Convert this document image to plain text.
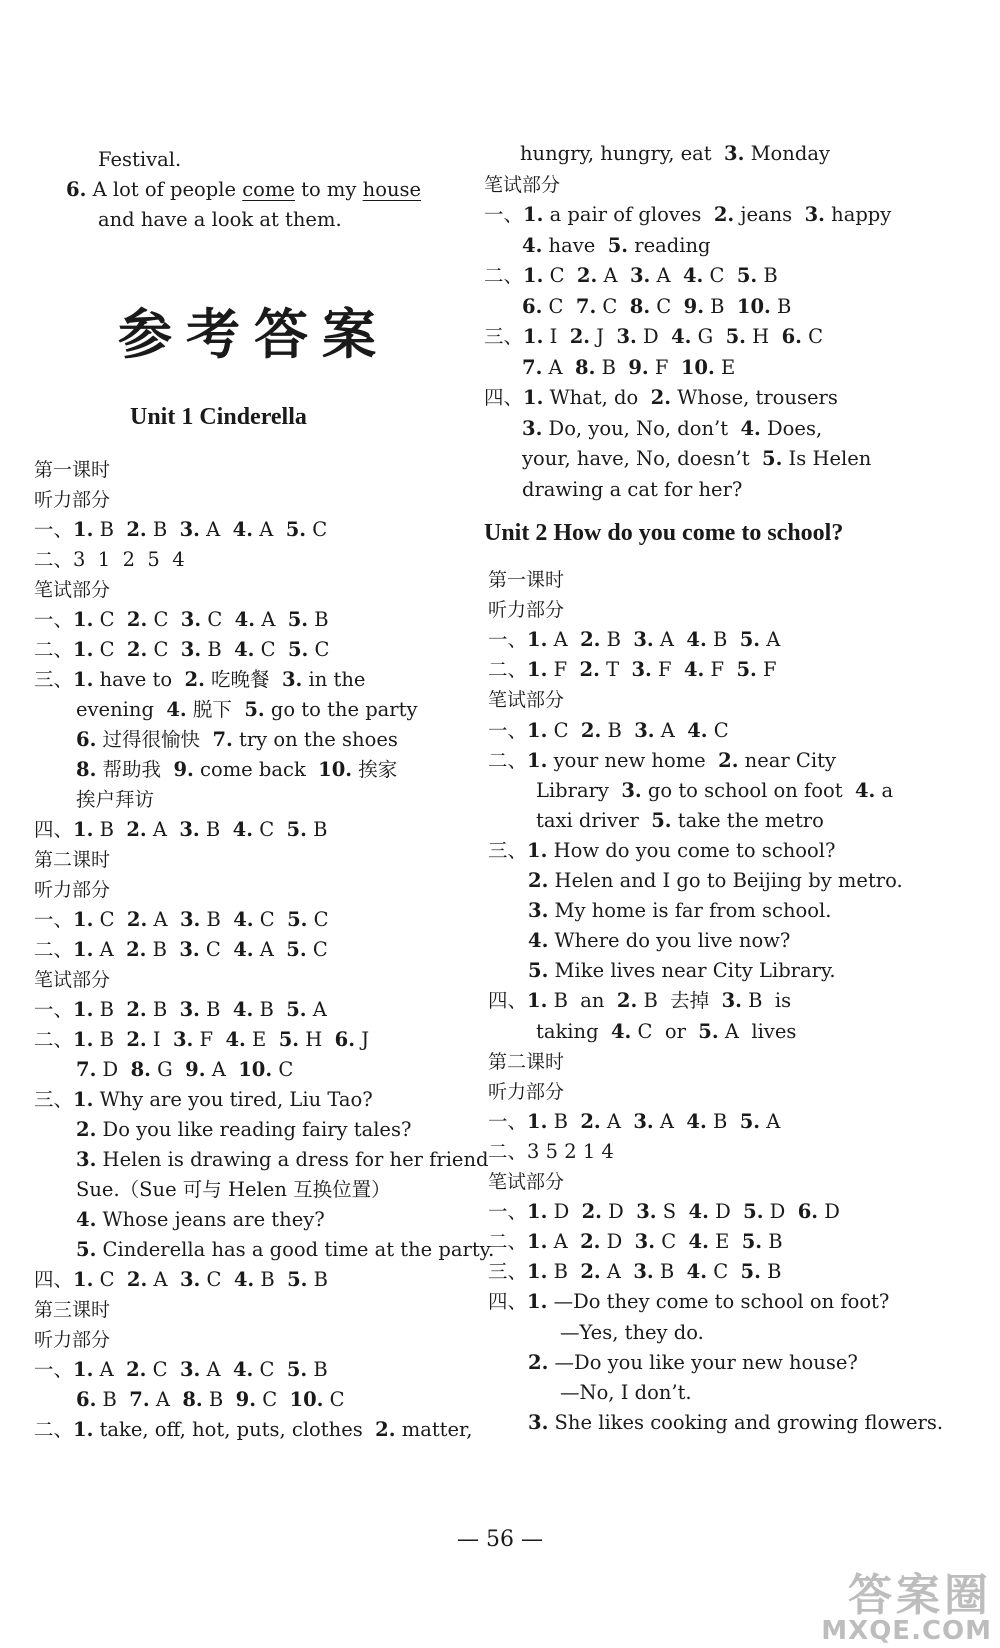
Festival.
6. A lot of people come to my house
and have a look at them.
参考答案
Unit 1 Cinderella
第一课时
听力部分
一、1. B  2. B  3. A  4. A  5. C
二、3  1  2  5  4
笔试部分
一、1. C  2. C  3. C  4. A  5. B
二、1. C  2. C  3. B  4. C  5. C
三、1. have to  2. 吃晚餐  3. in the
evening  4. 脱下  5. go to the party
6. 过得很愉快  7. try on the shoes
8. 帮助我  9. come back  10. 挨家
挨户拜访
四、1. B  2. A  3. B  4. C  5. B
第二课时
听力部分
一、1. C  2. A  3. B  4. C  5. C
二、1. A  2. B  3. C  4. A  5. C
笔试部分
一、1. B  2. B  3. B  4. B  5. A
二、1. B  2. I  3. F  4. E  5. H  6. J
7. D  8. G  9. A  10. C
三、1. Why are you tired, Liu Tao?
2. Do you like reading fairy tales?
3. Helen is drawing a dress for her friend
Sue.（Sue 可与 Helen 互换位置）
4. Whose jeans are they?
5. Cinderella has a good time at the party.
四、1. C  2. A  3. C  4. B  5. B
第三课时
听力部分
一、1. A  2. C  3. A  4. C  5. B
6. B  7. A  8. B  9. C  10. C
二、1. take, off, hot, puts, clothes  2. matter,
hungry, hungry, eat  3. Monday
笔试部分
一、1. a pair of gloves  2. jeans  3. happy
4. have  5. reading
二、1. C  2. A  3. A  4. C  5. B
6. C  7. C  8. C  9. B  10. B
三、1. I  2. J  3. D  4. G  5. H  6. C
7. A  8. B  9. F  10. E
四、1. What, do  2. Whose, trousers
3. Do, you, No, don’t  4. Does,
your, have, No, doesn’t  5. Is Helen
drawing a cat for her?
Unit 2 How do you come to school?
第一课时
听力部分
一、1. A  2. B  3. A  4. B  5. A
二、1. F  2. T  3. F  4. F  5. F
笔试部分
一、1. C  2. B  3. A  4. C
二、1. your new home  2. near City
Library  3. go to school on foot  4. a
taxi driver  5. take the metro
三、1. How do you come to school?
2. Helen and I go to Beijing by metro.
3. My home is far from school.
4. Where do you live now?
5. Mike lives near City Library.
四、1. B  an  2. B  去掉  3. B  is
taking  4. C  or  5. A  lives
第二课时
听力部分
一、1. B  2. A  3. A  4. B  5. A
二、3 5 2 1 4
笔试部分
一、1. D  2. D  3. S  4. D  5. D  6. D
二、1. A  2. D  3. C  4. E  5. B
三、1. B  2. A  3. B  4. C  5. B
四、1. —Do they come to school on foot?
—Yes, they do.
2. —Do you like your new house?
—No, I don’t.
3. She likes cooking and growing flowers.
— 56 —
答案圈
MXQE.COM
